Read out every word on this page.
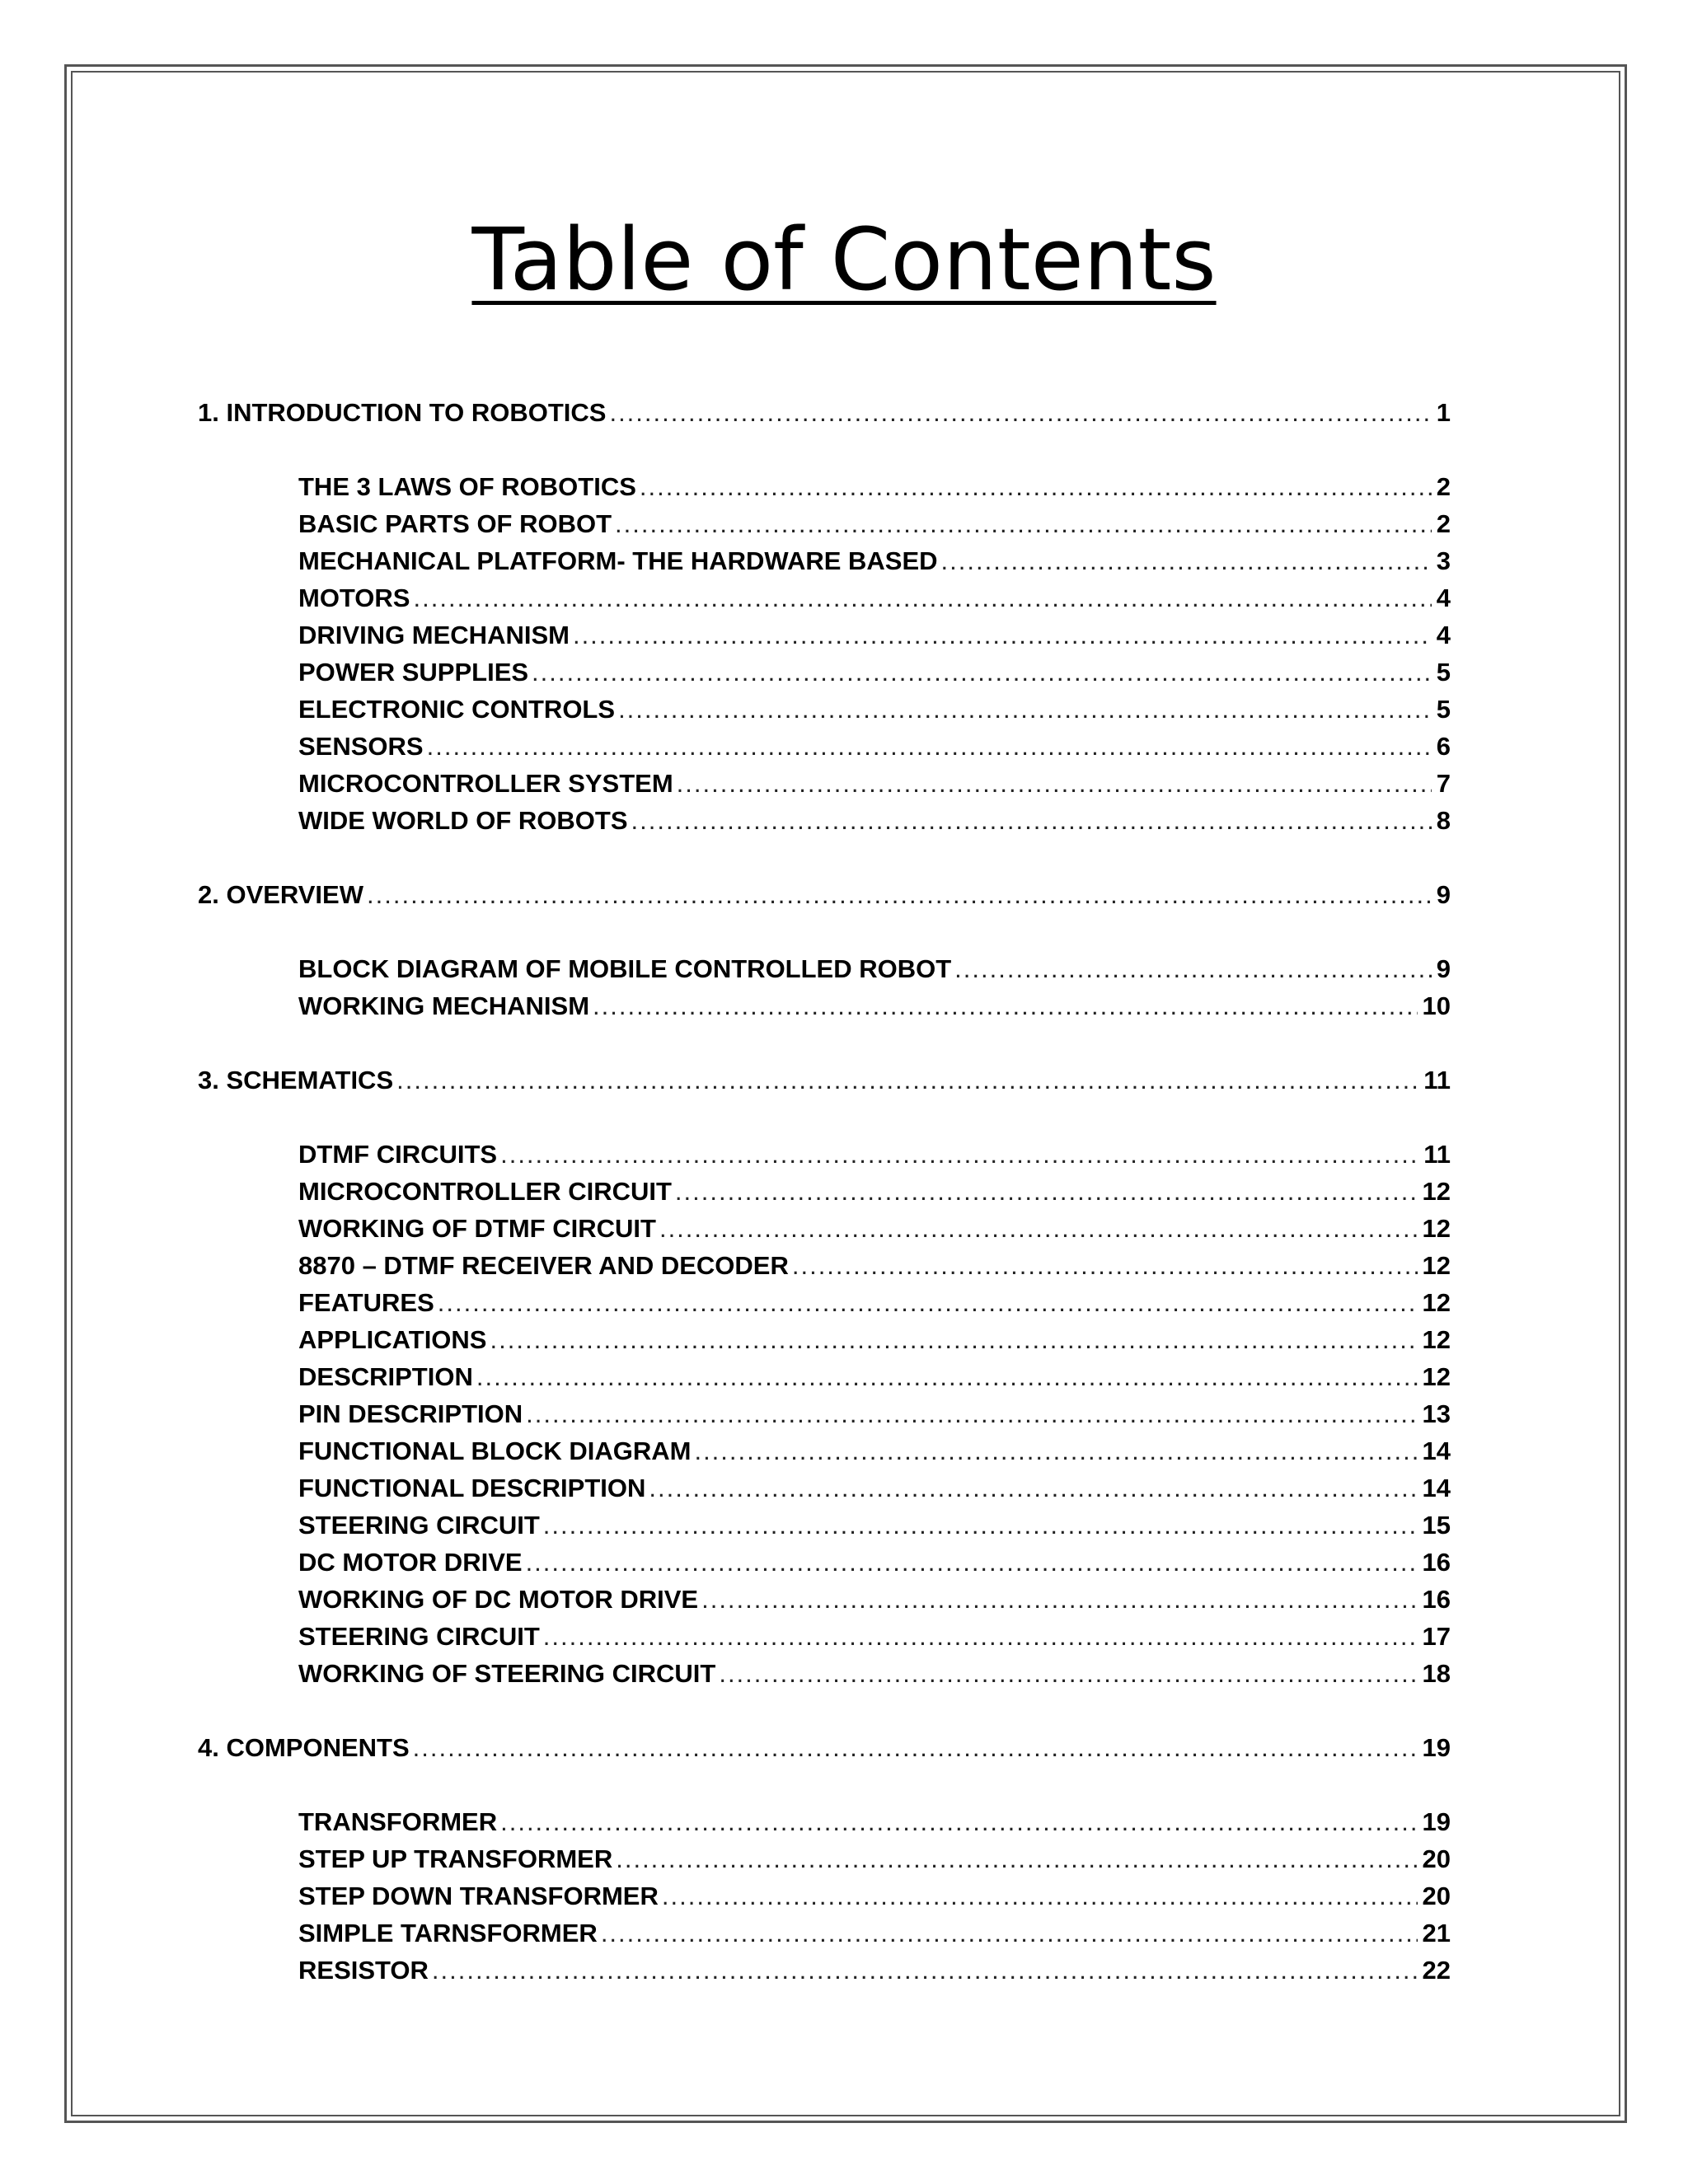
Table of Contents
1. INTRODUCTION TO ROBOTICS .....	1
THE 3 LAWS OF ROBOTICS .....	2
BASIC PARTS OF ROBOT .....	2
MECHANICAL PLATFORM- THE HARDWARE BASED .....	3
MOTORS .....	4
DRIVING MECHANISM .....	4
POWER SUPPLIES .....	5
ELECTRONIC CONTROLS .....	5
SENSORS .....	6
MICROCONTROLLER SYSTEM .....	7
WIDE WORLD OF ROBOTS .....	8
2. OVERVIEW .....	9
BLOCK DIAGRAM OF MOBILE CONTROLLED ROBOT .....	9
WORKING MECHANISM .....	10
3. SCHEMATICS .....	11
DTMF CIRCUITS .....	11
MICROCONTROLLER CIRCUIT .....	12
WORKING OF DTMF CIRCUIT .....	12
8870 – DTMF RECEIVER AND DECODER .....	12
FEATURES .....	12
APPLICATIONS .....	12
DESCRIPTION .....	12
PIN DESCRIPTION .....	13
FUNCTIONAL BLOCK DIAGRAM .....	14
FUNCTIONAL DESCRIPTION .....	14
STEERING CIRCUIT .....	15
DC MOTOR DRIVE .....	16
WORKING OF DC MOTOR DRIVE .....	16
STEERING CIRCUIT .....	17
WORKING OF STEERING CIRCUIT .....	18
4. COMPONENTS .....	19
TRANSFORMER .....	19
STEP UP TRANSFORMER .....	20
STEP DOWN TRANSFORMER .....	20
SIMPLE TARNSFORMER .....	21
RESISTOR .....	22
